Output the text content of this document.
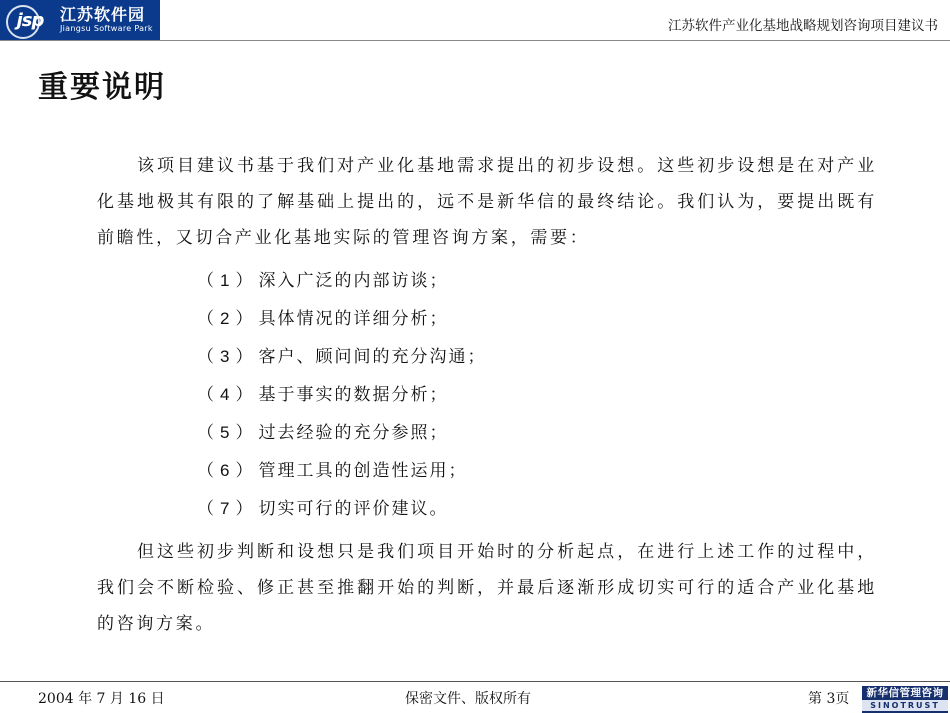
jsp	江苏软件园
Jiangsu Software Park	江苏软件产业化基地战略规划咨询项目建议书
重要说明

该项目建议书基于我们对产业化基地需求提出的初步设想。这些初步设想是在对产业化基地极其有限的了解基础上提出的，远不是新华信的最终结论。我们认为，要提出既有前瞻性，又切合产业化基地实际的管理咨询方案，需要：

（1）深入广泛的内部访谈；
（2）具体情况的详细分析；
（3）客户、顾问间的充分沟通；
（4）基于事实的数据分析；
（5）过去经验的充分参照；
（6）管理工具的创造性运用；
（7）切实可行的评价建议。

但这些初步判断和设想只是我们项目开始时的分析起点，在进行上述工作的过程中，我们会不断检验、修正甚至推翻开始的判断，并最后逐渐形成切实可行的适合产业化基地的咨询方案。

2004 年 7 月 16 日	保密文件、版权所有	第 3页	新华信管理咨询
SINOTRUST
